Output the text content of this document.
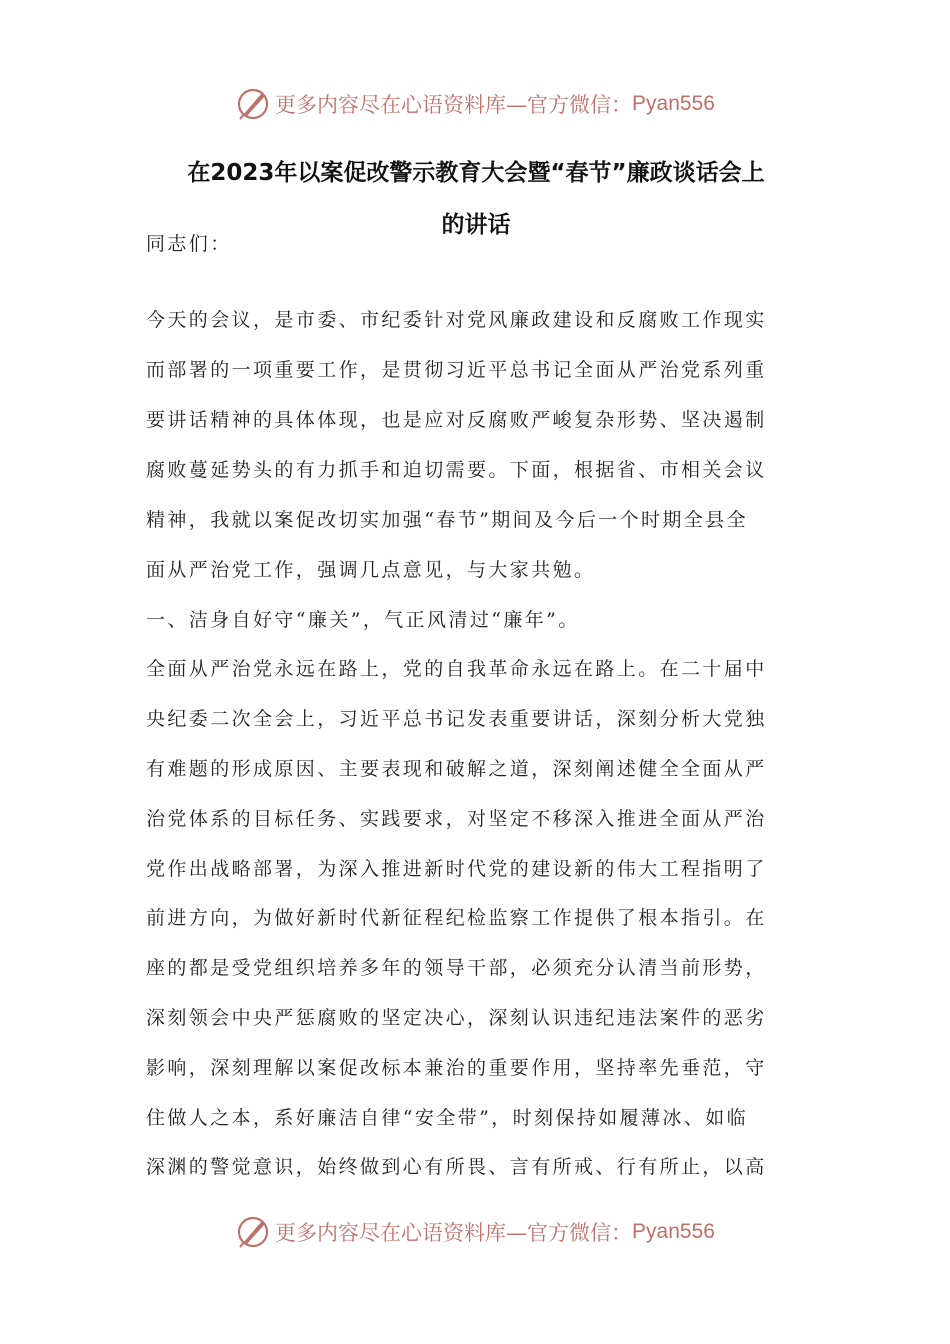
更多内容尽在心语资料库—官方微信： Pyan556
在2023年以案促改警示教育大会暨“春节”廉政谈话会上
的讲话
同志们：
今天的会议，是市委、市纪委针对党风廉政建设和反腐败工作现实
而部署的一项重要工作，是贯彻习近平总书记全面从严治党系列重
要讲话精神的具体体现，也是应对反腐败严峻复杂形势、坚决遏制
腐败蔓延势头的有力抓手和迫切需要。下面，根据省、市相关会议
精神，我就以案促改切实加强“春节”期间及今后一个时期全县全
面从严治党工作，强调几点意见，与大家共勉。
一、洁身自好守“廉关”，气正风清过“廉年”。
全面从严治党永远在路上，党的自我革命永远在路上。在二十届中
央纪委二次全会上，习近平总书记发表重要讲话，深刻分析大党独
有难题的形成原因、主要表现和破解之道，深刻阐述健全全面从严
治党体系的目标任务、实践要求，对坚定不移深入推进全面从严治
党作出战略部署，为深入推进新时代党的建设新的伟大工程指明了
前进方向，为做好新时代新征程纪检监察工作提供了根本指引。在
座的都是受党组织培养多年的领导干部，必须充分认清当前形势，
深刻领会中央严惩腐败的坚定决心，深刻认识违纪违法案件的恶劣
影响，深刻理解以案促改标本兼治的重要作用，坚持率先垂范，守
住做人之本，系好廉洁自律“安全带”，时刻保持如履薄冰、如临
深渊的警觉意识，始终做到心有所畏、言有所戒、行有所止，以高
更多内容尽在心语资料库—官方微信： Pyan556
